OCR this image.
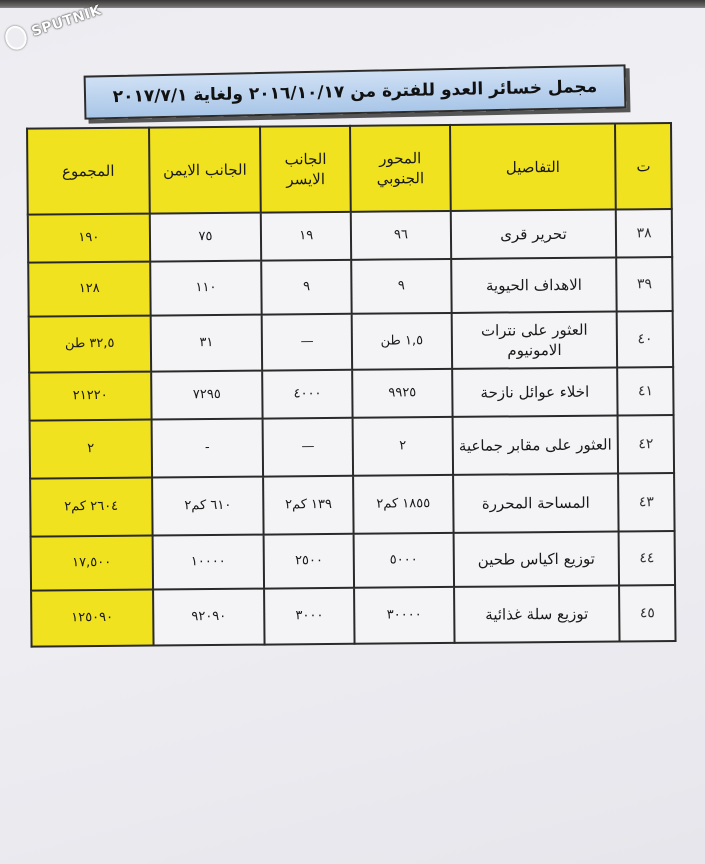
SPUTNIK
مجمل خسائر العدو للفترة من ٢٠١٦/١٠/١٧ ولغاية ٢٠١٧/٧/١
ت	التفاصيل	المحور الجنوبي	الجانب الايسر	الجانب الايمن	المجموع
٣٨	تحرير قرى	٩٦	١٩	٧٥	١٩٠
٣٩	الاهداف الحيوية	٩	٩	١١٠	١٢٨
٤٠	العثور على نترات الامونيوم	١,٥ طن	—	٣١	٣٢,٥ طن
٤١	اخلاء عوائل نازحة	٩٩٢٥	٤٠٠٠	٧٢٩٥	٢١٢٢٠
٤٢	العثور على مقابر جماعية	٢	—	-	٢
٤٣	المساحة المحررة	١٨٥٥ كم٢	١٣٩ كم٢	٦١٠ كم٢	٢٦٠٤ كم٢
٤٤	توزيع اكياس طحين	٥٠٠٠	٢٥٠٠	١٠٠٠٠	١٧,٥٠٠
٤٥	توزيع سلة غذائية	٣٠٠٠٠	٣٠٠٠	٩٢٠٩٠	١٢٥٠٩٠
